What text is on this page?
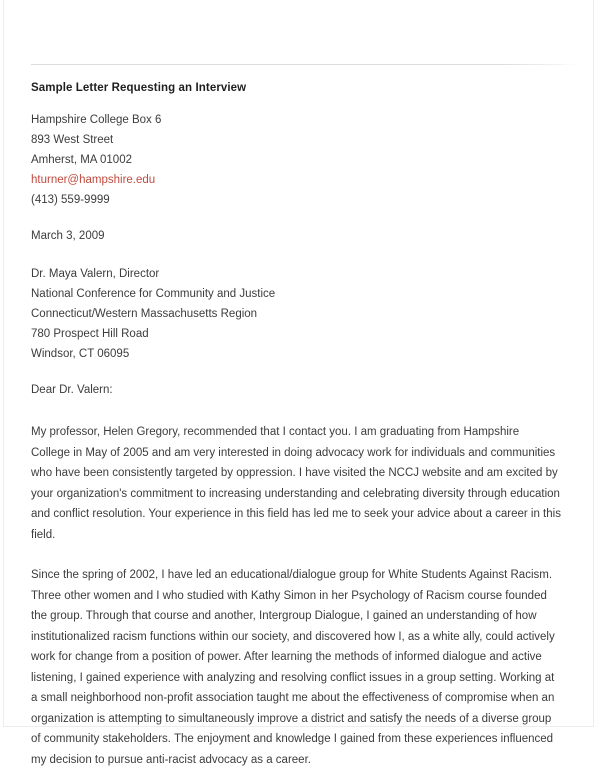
Sample Letter Requesting an Interview
Hampshire College Box 6
893 West Street
Amherst, MA 01002
hturner@hampshire.edu
(413) 559-9999
March 3, 2009
Dr. Maya Valern, Director
National Conference for Community and Justice
Connecticut/Western Massachusetts Region
780 Prospect Hill Road
Windsor, CT 06095
Dear Dr. Valern:

My professor, Helen Gregory, recommended that I contact you. I am graduating from Hampshire College in May of 2005 and am very interested in doing advocacy work for individuals and communities who have been consistently targeted by oppression. I have visited the NCCJ website and am excited by your organization's commitment to increasing understanding and celebrating diversity through education and conflict resolution. Your experience in this field has led me to seek your advice about a career in this field.

Since the spring of 2002, I have led an educational/dialogue group for White Students Against Racism. Three other women and I who studied with Kathy Simon in her Psychology of Racism course founded the group. Through that course and another, Intergroup Dialogue, I gained an understanding of how institutionalized racism functions within our society, and discovered how I, as a white ally, could actively work for change from a position of power. After learning the methods of informed dialogue and active listening, I gained experience with analyzing and resolving conflict issues in a group setting. Working at a small neighborhood non-profit association taught me about the effectiveness of compromise when an organization is attempting to simultaneously improve a district and satisfy the needs of a diverse group of community stakeholders. The enjoyment and knowledge I gained from these experiences influenced my decision to pursue anti-racist advocacy as a career.
